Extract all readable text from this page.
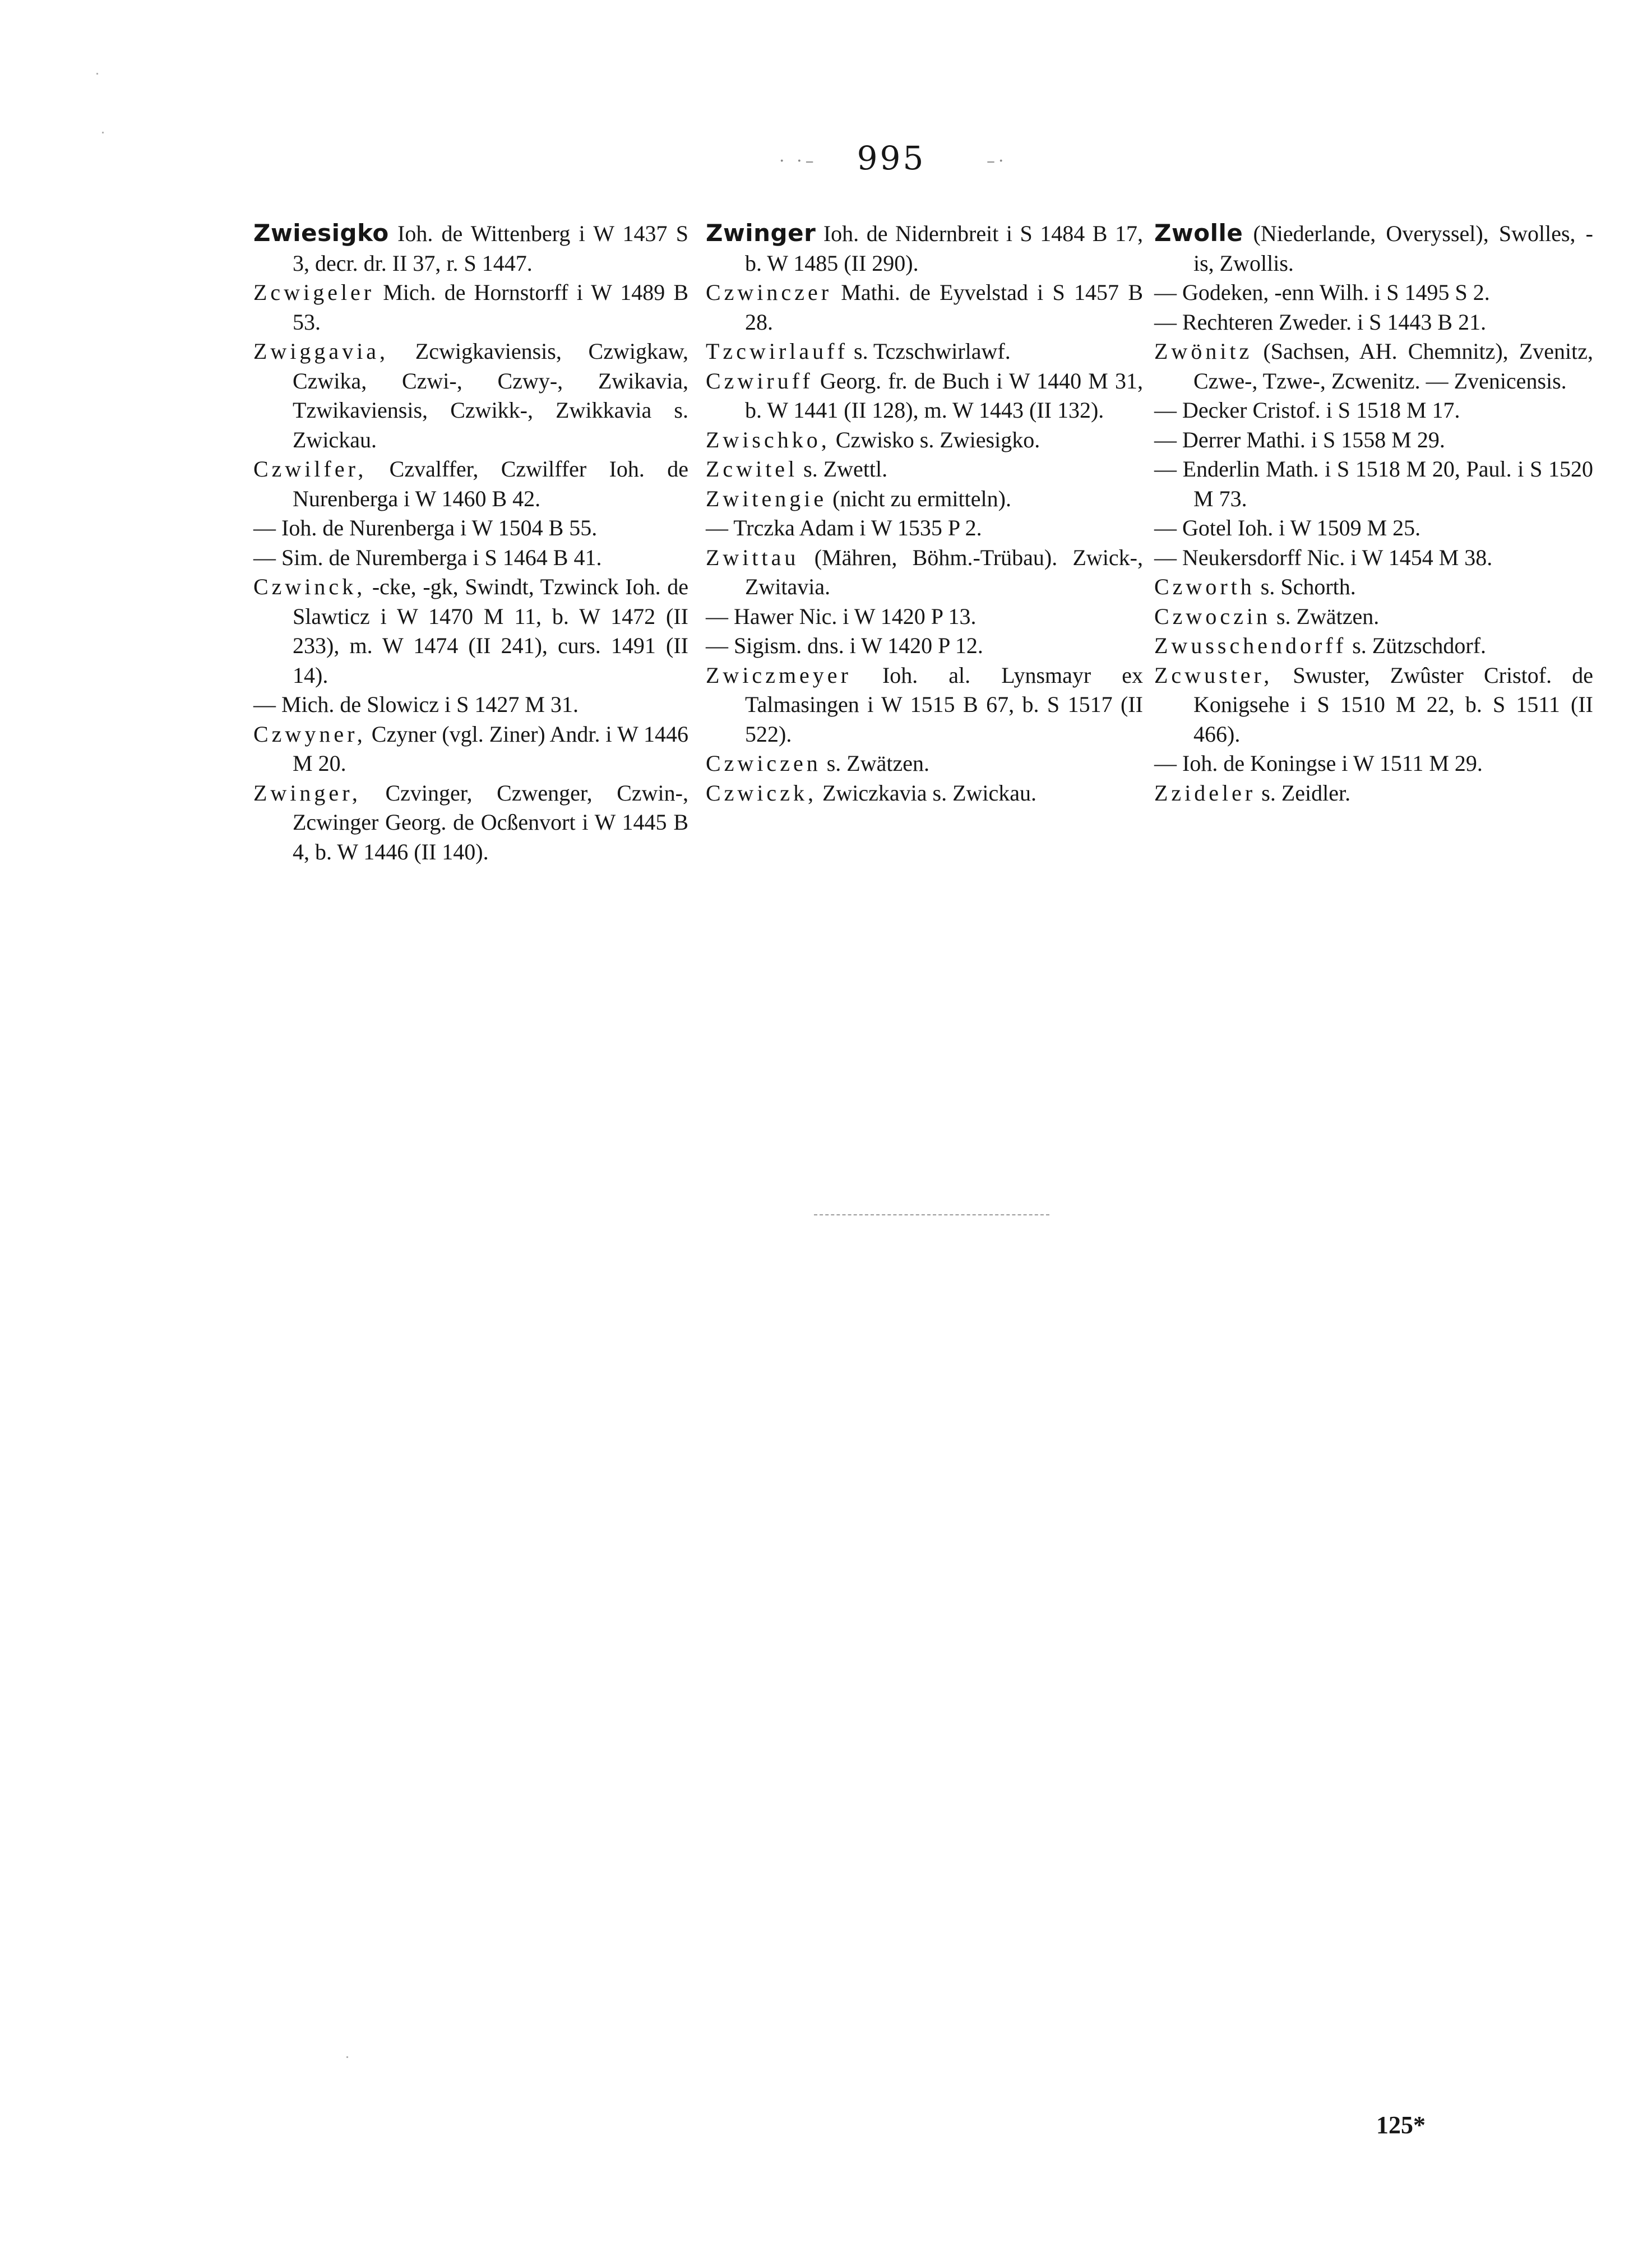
· ·–	995	–·

Zwiesigko Ioh. de Wittenberg i W 1437 S 3, decr. dr. II 37, r. S 1447.

Zcwigeler Mich. de Hornstorff i W 1489 B 53.

Zwiggavia, Zcwigkaviensis, Czwigkaw, Czwika, Czwi-, Czwy-, Zwikavia, Tzwikaviensis, Czwikk-, Zwikkavia s. Zwickau.

Czwilfer, Czvalffer, Czwilffer Ioh. de Nurenberga i W 1460 B 42.

— Ioh. de Nurenberga i W 1504 B 55.

— Sim. de Nuremberga i S 1464 B 41.

Czwinck, -cke, -gk, Swindt, Tzwinck Ioh. de Slawticz i W 1470 M 11, b. W 1472 (II 233), m. W 1474 (II 241), curs. 1491 (II 14).

— Mich. de Slowicz i S 1427 M 31.

Czwyner, Czyner (vgl. Ziner) Andr. i W 1446 M 20.

Zwinger, Czvinger, Czwenger, Czwin-, Zcwinger Georg. de Ocßenvort i W 1445 B 4, b. W 1446 (II 140).

Zwinger Ioh. de Nidernbreit i S 1484 B 17, b. W 1485 (II 290).

Czwinczer Mathi. de Eyvelstad i S 1457 B 28.

Tzcwirlauff s. Tczschwirlawf.

Czwiruff Georg. fr. de Buch i W 1440 M 31, b. W 1441 (II 128), m. W 1443 (II 132).

Zwischko, Czwisko s. Zwiesigko.

Zcwitel s. Zwettl.

Zwitengie (nicht zu ermitteln).

— Trczka Adam i W 1535 P 2.

Zwittau (Mähren, Böhm.-Trübau). Zwick-, Zwitavia.

— Hawer Nic. i W 1420 P 13.

— Sigism. dns. i W 1420 P 12.

Zwiczmeyer Ioh. al. Lynsmayr ex Talmasingen i W 1515 B 67, b. S 1517 (II 522).

Czwiczen s. Zwätzen.

Czwiczk, Zwiczkavia s. Zwickau.

Zwolle (Niederlande, Overyssel), Swolles, -is, Zwollis.

— Godeken, -enn Wilh. i S 1495 S 2.

— Rechteren Zweder. i S 1443 B 21.

Zwönitz (Sachsen, AH. Chemnitz), Zvenitz, Czwe-, Tzwe-, Zcwenitz. — Zvenicensis.

— Decker Cristof. i S 1518 M 17.

— Derrer Mathi. i S 1558 M 29.

— Enderlin Math. i S 1518 M 20, Paul. i S 1520 M 73.

— Gotel Ioh. i W 1509 M 25.

— Neukersdorff Nic. i W 1454 M 38.

Czworth s. Schorth.

Czwoczin s. Zwätzen.

Zwusschendorff s. Zützschdorf.

Zcwuster, Swuster, Zwûster Cristof. de Konigsehe i S 1510 M 22, b. S 1511 (II 466).

— Ioh. de Koningse i W 1511 M 29.

Zzideler s. Zeidler.

125*
